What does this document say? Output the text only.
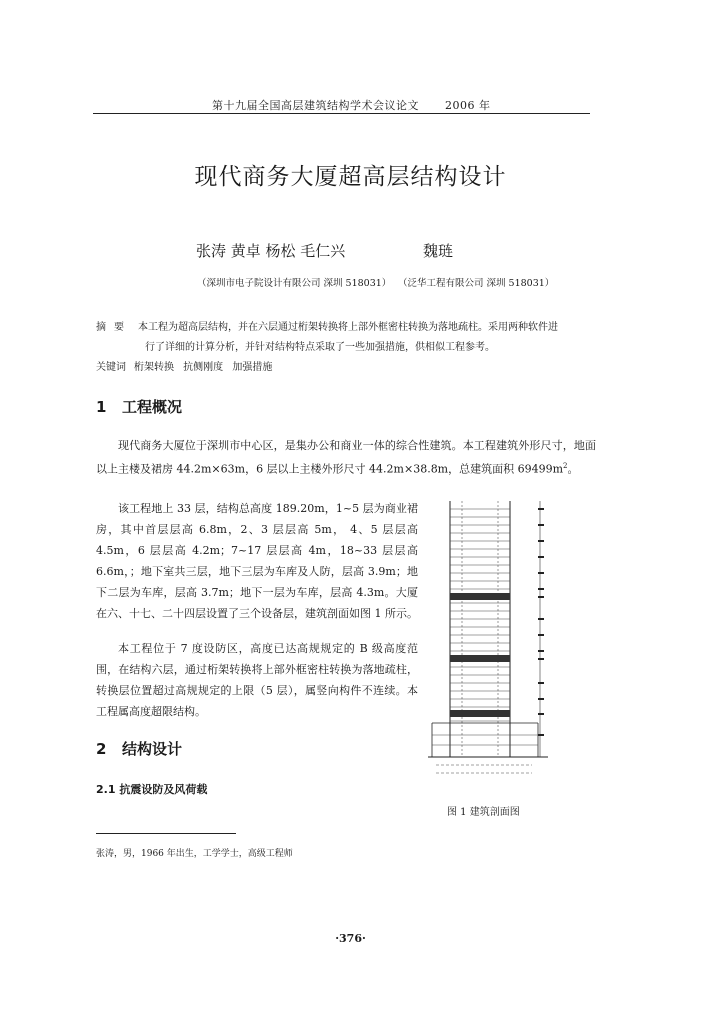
第十九届全国高层建筑结构学术会议论文 2006 年
现代商务大厦超高层结构设计
张涛 黄卓 杨松 毛仁兴	魏琏
（深圳市电子院设计有限公司 深圳 518031） （泛华工程有限公司 深圳 518031）
摘要 本工程为超高层结构，并在六层通过桁架转换将上部外框密柱转换为落地疏柱。采用两种软件进
行了详细的计算分析，并针对结构特点采取了一些加强措施，供相似工程参考。
关键词 桁架转换 抗侧刚度 加强措施
1 工程概况
现代商务大厦位于深圳市中心区，是集办公和商业一体的综合性建筑。本工程建筑外形尺寸，地面以上主楼及裙房 44.2m×63m，6 层以上主楼外形尺寸 44.2m×38.8m，总建筑面积 $69499m^2$。
该工程地上 33 层，结构总高度 189.20m，1~5 层为商业裙房，其中首层层高 6.8m，2、3 层层高 5m， 4、5 层层高 4.5m，6 层层高 4.2m；7~17 层层高 4m，18~33 层层高 6.6m，；地下室共三层，地下三层为车库及人防，层高 3.9m；地下二层为车库，层高 3.7m；地下一层为车库，层高 4.3m。大厦在六、十七、二十四层设置了三个设备层，建筑剖面如图 1 所示。
本工程位于 7 度设防区，高度已达高规规定的 B 级高度范围，在结构六层，通过桁架转换将上部外框密柱转换为落地疏柱，转换层位置超过高规规定的上限（5 层），属竖向构件不连续。本工程属高度超限结构。
图 1 建筑剖面图
2 结构设计
2.1 抗震设防及风荷载
张涛，男，1966 年出生，工学学士，高级工程师
·376·
